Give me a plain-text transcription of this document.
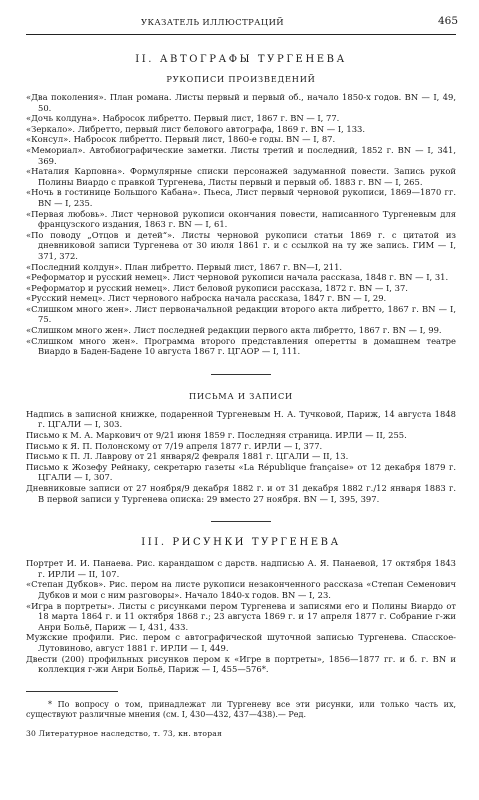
УКАЗАТЕЛЬ ИЛЛЮСТРАЦИЙ	465
II. АВТОГРАФЫ ТУРГЕНЕВА
РУКОПИСИ ПРОИЗВЕДЕНИЙ

«Два поколения». План романа. Листы первый и первый об., начало 1850-х годов. BN — I, 49, 50.

«Дочь колдуна». Набросок либретто. Первый лист, 1867 г. BN — I, 77.

«Зеркало». Либретто, первый лист белового автографа, 1869 г. BN — I, 133.

«Консул». Набросок либретто. Первый лист, 1860-е годы. BN — I, 87.

«Мемориал». Автобиографические заметки. Листы третий и последний, 1852 г. BN — I, 341, 369.

«Наталия Карповна». Формулярные списки персонажей задуманной повести. Запись рукой Полины Виардо с правкой Тургенева, Листы первый и первый об. 1883 г. BN — I, 265.

«Ночь в гостинице Большого Кабана». Пьеса, Лист первый черновой рукописи, 1869—1870 гг. BN — I, 235.

«Первая любовь». Лист черновой рукописи окончания повести, написанного Тургеневым для французского издания, 1863 г. BN — I, 61.

«По поводу „Отцов и детей“». Листы черновой рукописи статьи 1869 г. с цитатой из дневниковой записи Тургенева от 30 июля 1861 г. и с ссылкой на ту же запись. ГИМ — I, 371, 372.

«Последний колдун». План либретто. Первый лист, 1867 г. BN—I, 211.

«Реформатор и русский немец». Лист черновой рукописи начала рассказа, 1848 г. BN — I, 31.

«Реформатор и русский немец». Лист беловой рукописи рассказа, 1872 г. BN — I, 37.

«Русский немец». Лист чернового наброска начала рассказа, 1847 г. BN — I, 29.

«Слишком много жен». Лист первоначальной редакции второго акта либретто, 1867 г. BN — I, 75.

«Слишком много жен». Лист последней редакции первого акта либретто, 1867 г. BN — I, 99.

«Слишком много жен». Программа второго представления оперетты в домашнем театре Виардо в Баден-Бадене 10 августа 1867 г. ЦГАОР — I, 111.

ПИСЬМА И ЗАПИСИ

Надпись в записной книжке, подаренной Тургеневым Н. А. Тучковой, Париж, 14 августа 1848 г. ЦГАЛИ — I, 303.

Письмо к М. А. Маркович от 9/21 июня 1859 г. Последняя страница. ИРЛИ — II, 255.

Письмо к Я. П. Полонскому от 7/19 апреля 1877 г. ИРЛИ — I, 377.

Письмо к П. Л. Лаврову от 21 января/2 февраля 1881 г. ЦГАЛИ — II, 13.

Письмо к Жозефу Рейнаку, секретарю газеты «La République française» от 12 декабря 1879 г. ЦГАЛИ — I, 307.

Дневниковые записи от 27 ноября/9 декабря 1882 г. и от 31 декабря 1882 г./12 января 1883 г. В первой записи у Тургенева описка: 29 вместо 27 ноября. BN — I, 395, 397.

III. РИСУНКИ ТУРГЕНЕВА

Портрет И. И. Панаева. Рис. карандашом с дарств. надписью А. Я. Панаевой, 17 октября 1843 г. ИРЛИ — II, 107.

«Степан Дубков». Рис. пером на листе рукописи незаконченного рассказа «Степан Семенович Дубков и мои с ним разговоры». Начало 1840-х годов. BN — I, 23.

«Игра в портреты». Листы с рисунками пером Тургенева и записями его и Полины Виардо от 18 марта 1864 г. и 11 октября 1868 г.; 23 августа 1869 г. и 17 апреля 1877 г. Собрание г-жи Анри Больё, Париж — I, 431, 433.

Мужские профили. Рис. пером с автографической шуточной записью Тургенева. Спасское-Лутовиново, август 1881 г. ИРЛИ — I, 449.

Двести (200) профильных рисунков пером к «Игре в портреты», 1856—1877 гг. и б. г. BN и коллекция г-жи Анри Больё, Париж — I, 455—576*.

* По вопросу о том, принадлежат ли Тургеневу все эти рисунки, или только часть их, существуют различные мнения (см. I, 430—432, 437—438).— Ред.

30 Литературное наследство, т. 73, кн. вторая
